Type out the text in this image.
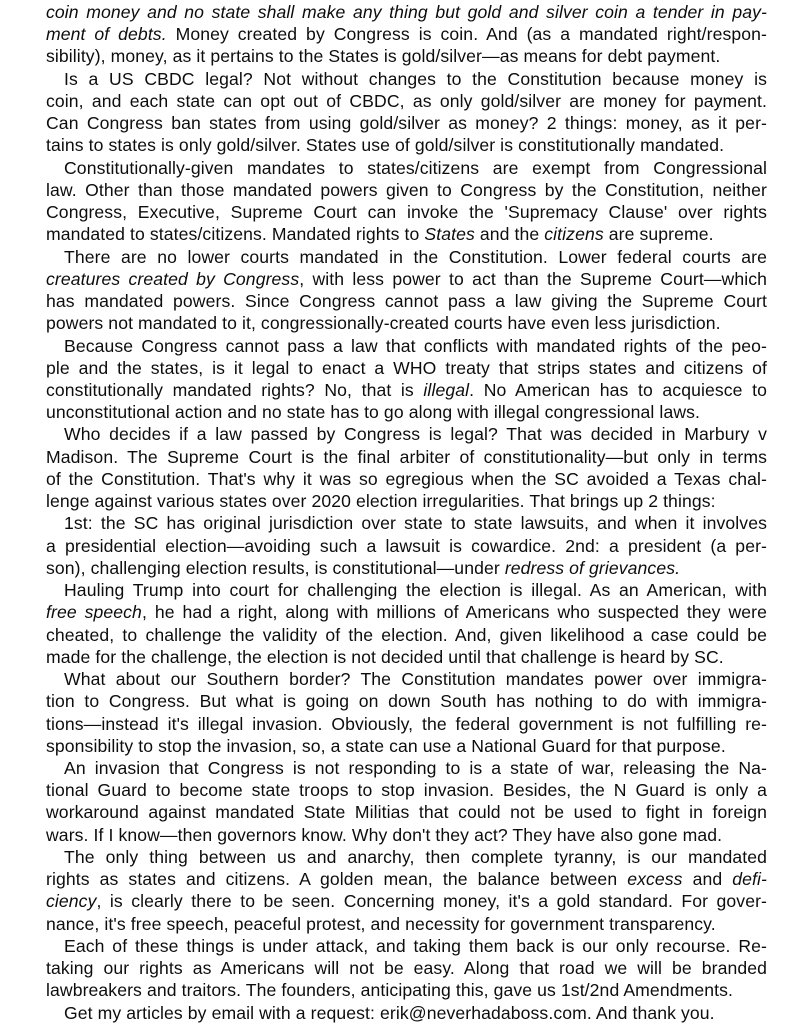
coin money and no state shall make any thing but gold and silver coin a tender in pay-
ment of debts. Money created by Congress is coin. And (as a mandated right/respon-
sibility), money, as it pertains to the States is gold/silver—as means for debt payment.
Is a US CBDC legal? Not without changes to the Constitution because money is
coin, and each state can opt out of CBDC, as only gold/silver are money for payment.
Can Congress ban states from using gold/silver as money? 2 things: money, as it per-
tains to states is only gold/silver. States use of gold/silver is constitutionally mandated.
Constitutionally-given mandates to states/citizens are exempt from Congressional
law. Other than those mandated powers given to Congress by the Constitution, neither
Congress, Executive, Supreme Court can invoke the 'Supremacy Clause' over rights
mandated to states/citizens. Mandated rights to States and the citizens are supreme.
There are no lower courts mandated in the Constitution. Lower federal courts are
creatures created by Congress, with less power to act than the Supreme Court—which
has mandated powers. Since Congress cannot pass a law giving the Supreme Court
powers not mandated to it, congressionally-created courts have even less jurisdiction.
Because Congress cannot pass a law that conflicts with mandated rights of the peo-
ple and the states, is it legal to enact a WHO treaty that strips states and citizens of
constitutionally mandated rights? No, that is illegal. No American has to acquiesce to
unconstitutional action and no state has to go along with illegal congressional laws.
Who decides if a law passed by Congress is legal? That was decided in Marbury v
Madison. The Supreme Court is the final arbiter of constitutionality—but only in terms
of the Constitution. That's why it was so egregious when the SC avoided a Texas chal-
lenge against various states over 2020 election irregularities. That brings up 2 things:
1st: the SC has original jurisdiction over state to state lawsuits, and when it involves
a presidential election—avoiding such a lawsuit is cowardice. 2nd: a president (a per-
son), challenging election results, is constitutional—under redress of grievances.
Hauling Trump into court for challenging the election is illegal. As an American, with
free speech, he had a right, along with millions of Americans who suspected they were
cheated, to challenge the validity of the election. And, given likelihood a case could be
made for the challenge, the election is not decided until that challenge is heard by SC.
What about our Southern border? The Constitution mandates power over immigra-
tion to Congress. But what is going on down South has nothing to do with immigra-
tions—instead it's illegal invasion. Obviously, the federal government is not fulfilling re-
sponsibility to stop the invasion, so, a state can use a National Guard for that purpose.
An invasion that Congress is not responding to is a state of war, releasing the Na-
tional Guard to become state troops to stop invasion. Besides, the N Guard is only a
workaround against mandated State Militias that could not be used to fight in foreign
wars. If I know—then governors know. Why don't they act? They have also gone mad.
The only thing between us and anarchy, then complete tyranny, is our mandated
rights as states and citizens. A golden mean, the balance between excess and defi-
ciency, is clearly there to be seen. Concerning money, it's a gold standard. For gover-
nance, it's free speech, peaceful protest, and necessity for government transparency.
Each of these things is under attack, and taking them back is our only recourse. Re-
taking our rights as Americans will not be easy. Along that road we will be branded
lawbreakers and traitors. The founders, anticipating this, gave us 1st/2nd Amendments.
Get my articles by email with a request: erik@neverhadaboss.com. And thank you.
